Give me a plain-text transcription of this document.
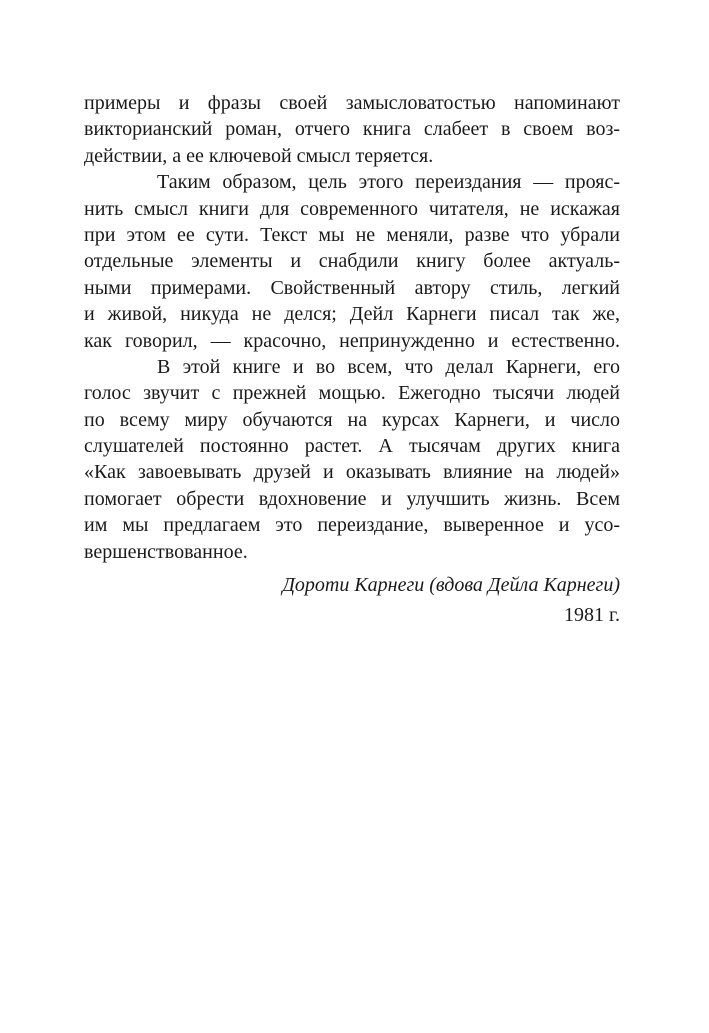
примеры и фразы своей замысловатостью напоминают
викторианский роман, отчего книга слабеет в своем воз-
действии, а ее ключевой смысл теряется.
Таким образом, цель этого переиздания — прояс-
нить смысл книги для современного читателя, не искажая
при этом ее сути. Текст мы не меняли, разве что убрали
отдельные элементы и снабдили книгу более актуаль-
ными примерами. Свойственный автору стиль, легкий
и живой, никуда не делся; Дейл Карнеги писал так же,
как говорил, — красочно, непринужденно и естественно.
В этой книге и во всем, что делал Карнеги, его
голос звучит с прежней мощью. Ежегодно тысячи людей
по всему миру обучаются на курсах Карнеги, и число
слушателей постоянно растет. А тысячам других книга
«Как завоевывать друзей и оказывать влияние на людей»
помогает обрести вдохновение и улучшить жизнь. Всем
им мы предлагаем это переиздание, выверенное и усо-
вершенствованное.
Дороти Карнеги (вдова Дейла Карнеги)
1981 г.
